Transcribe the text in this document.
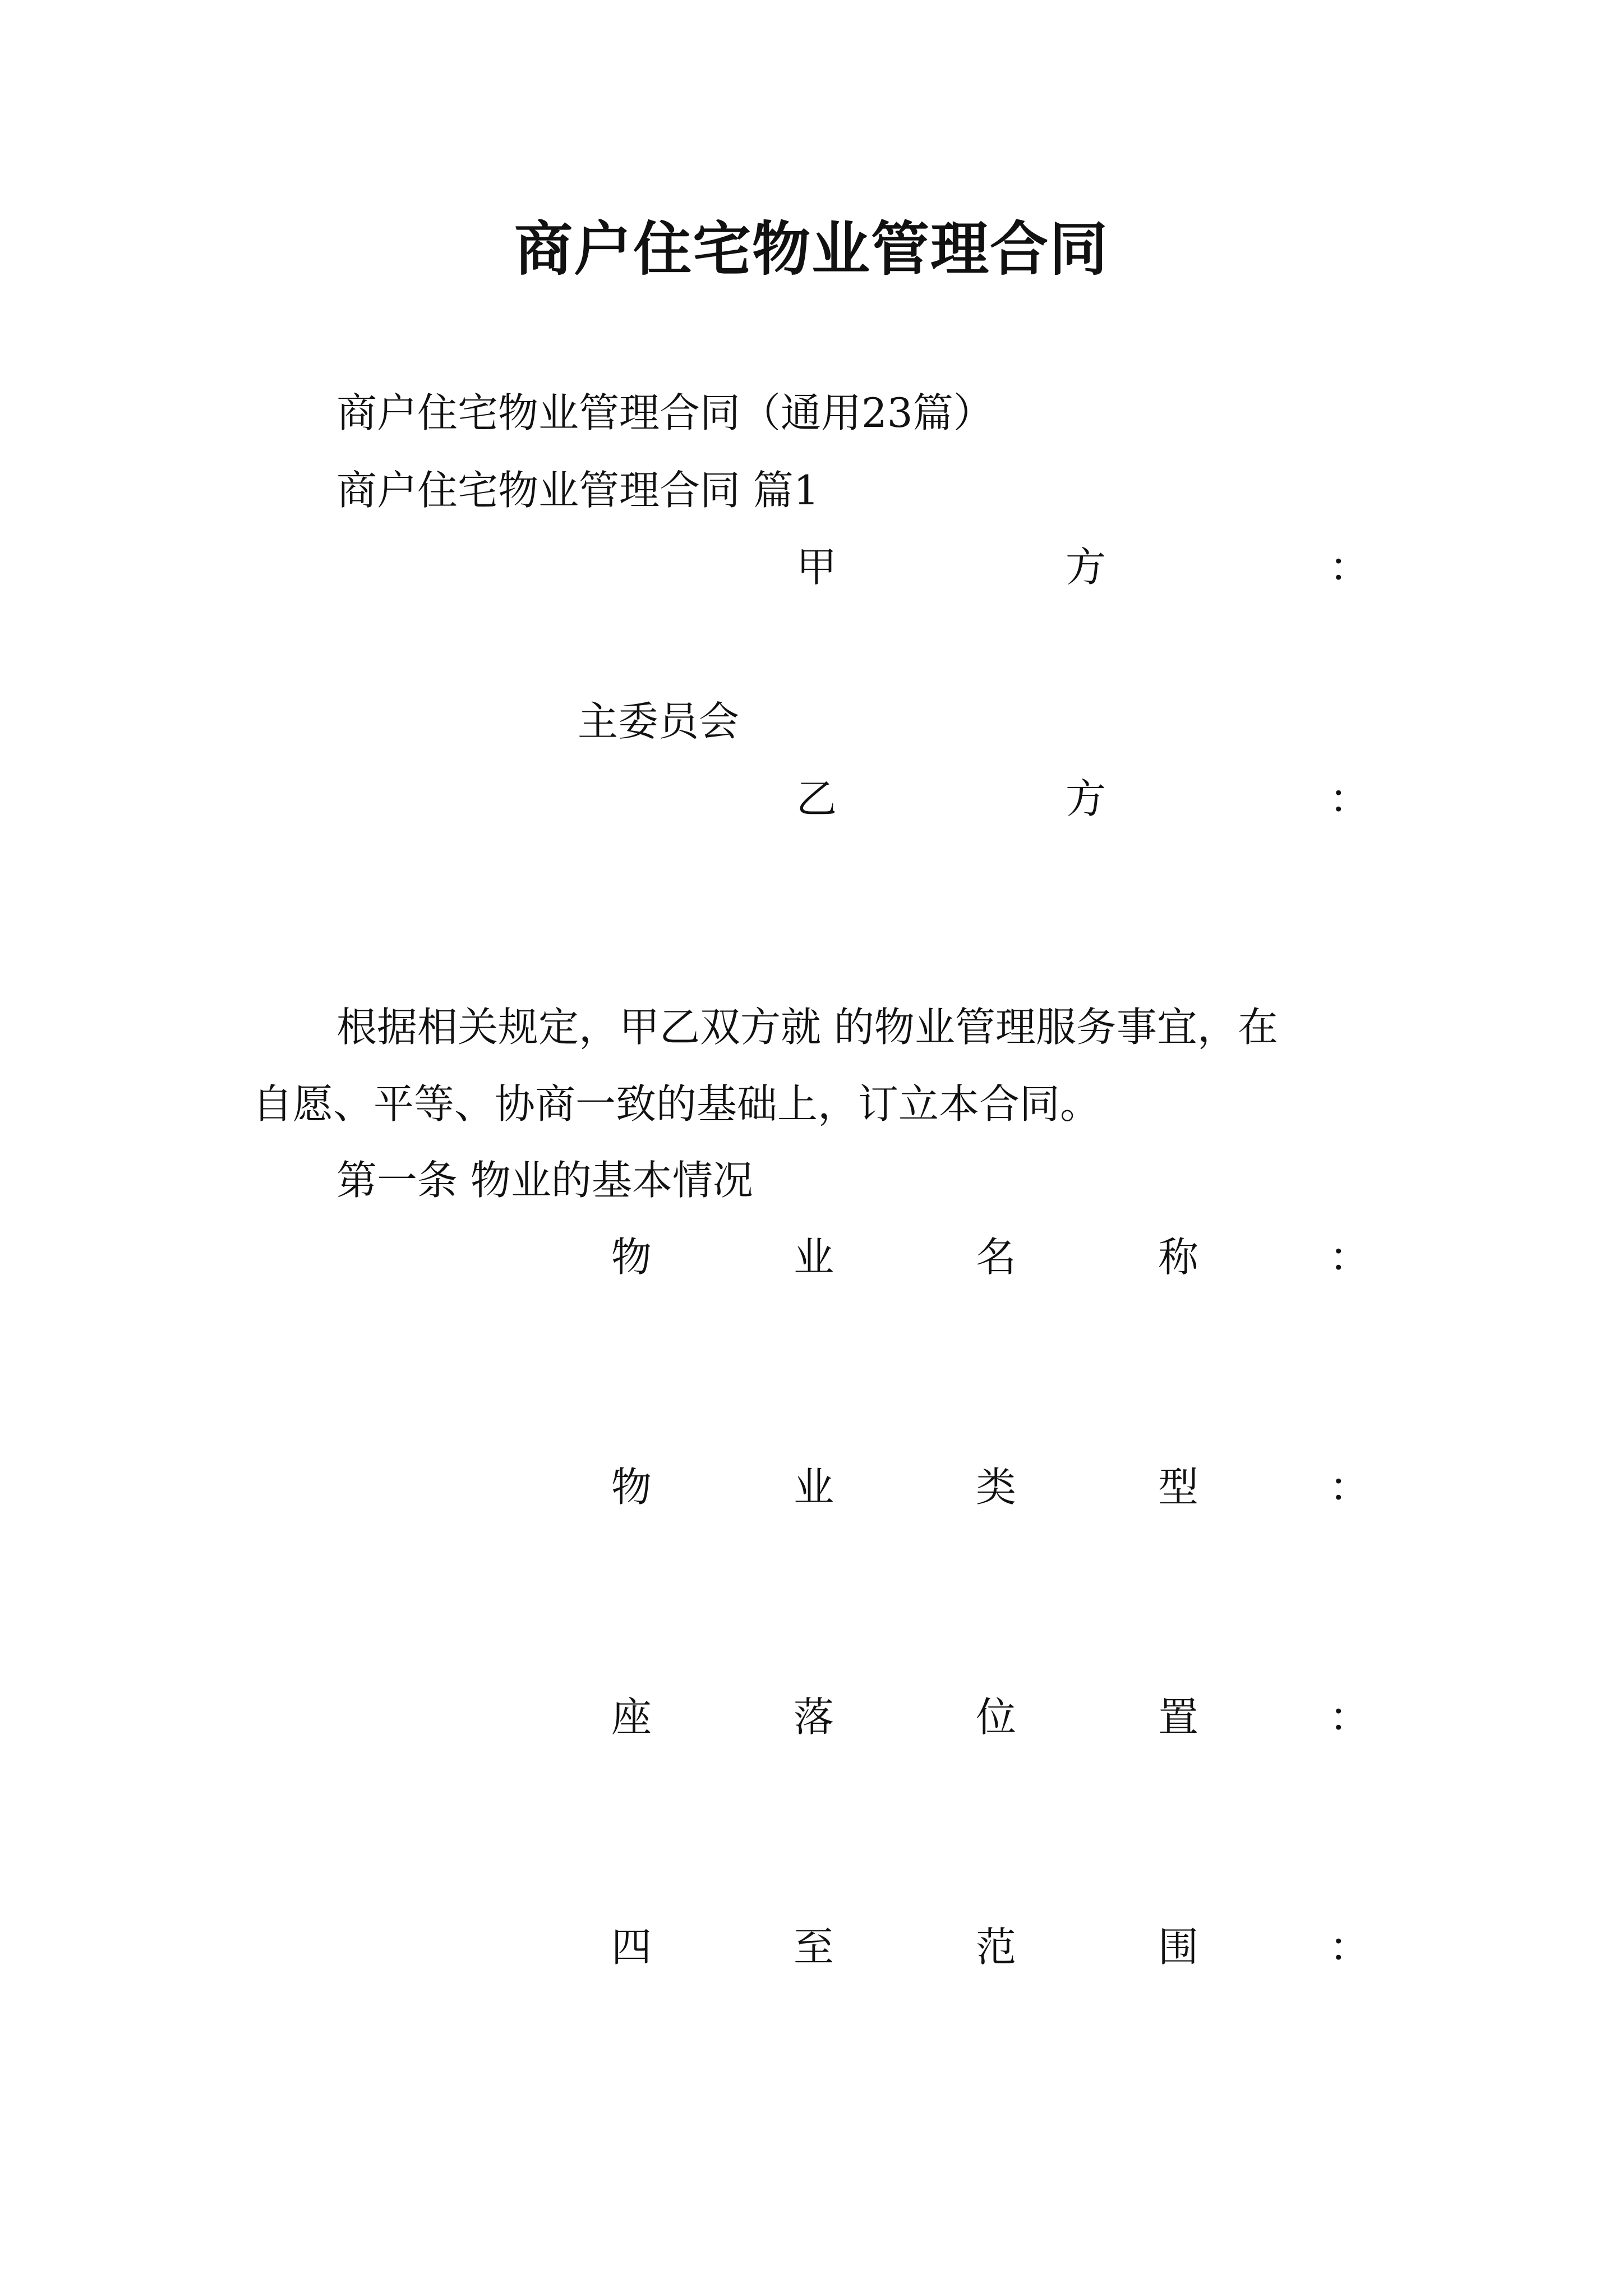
商户住宅物业管理合同
商户住宅物业管理合同（通用23篇）
商户住宅物业管理合同 篇1
甲	方	：
主委员会
乙	方	：
根据相关规定，甲乙双方就 的物业管理服务事宜，在
自愿、平等、协商一致的基础上，订立本合同。
第一条 物业的基本情况
物	业	名	称	：
物	业	类	型	：
座	落	位	置	：
四	至	范	围	：
